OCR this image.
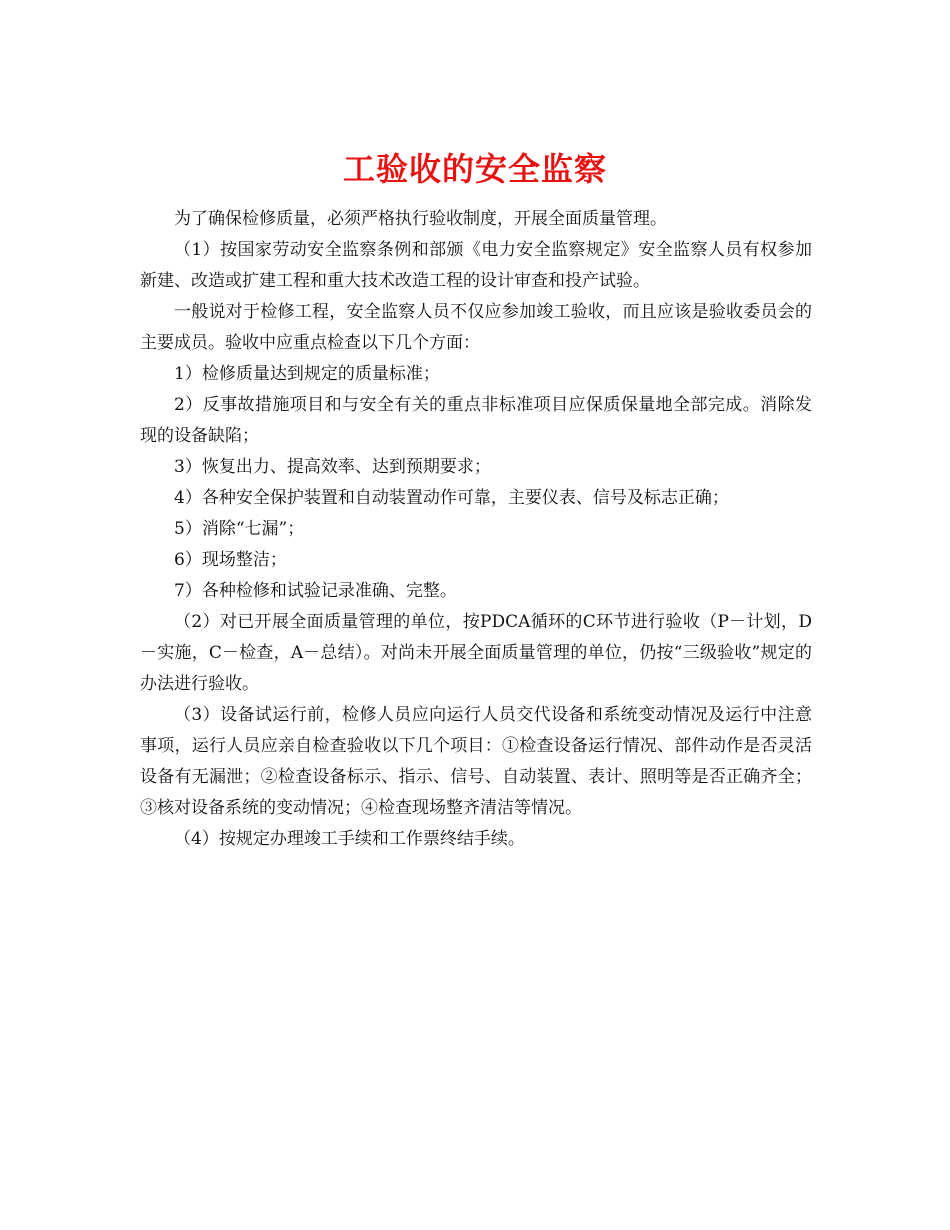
工验收的安全监察

为了确保检修质量，必须严格执行验收制度，开展全面质量管理。

（1）按国家劳动安全监察条例和部颁《电力安全监察规定》安全监察人员有权参加新建、改造或扩建工程和重大技术改造工程的设计审查和投产试验。

一般说对于检修工程，安全监察人员不仅应参加竣工验收，而且应该是验收委员会的主要成员。验收中应重点检查以下几个方面：

1）检修质量达到规定的质量标准；

2）反事故措施项目和与安全有关的重点非标准项目应保质保量地全部完成。消除发现的设备缺陷；

3）恢复出力、提高效率、达到预期要求；

4）各种安全保护装置和自动装置动作可靠，主要仪表、信号及标志正确；

5）消除“七漏”；

6）现场整洁；

7）各种检修和试验记录准确、完整。

（2）对已开展全面质量管理的单位，按PDCA循环的C环节进行验收（P－计划，D－实施，C－检查，A－总结）。对尚未开展全面质量管理的单位，仍按“三级验收”规定的办法进行验收。

（3）设备试运行前，检修人员应向运行人员交代设备和系统变动情况及运行中注意事项，运行人员应亲自检查验收以下几个项目：①检查设备运行情况、部件动作是否灵活设备有无漏泄；②检查设备标示、指示、信号、自动装置、表计、照明等是否正确齐全；③核对设备系统的变动情况；④检查现场整齐清洁等情况。

（4）按规定办理竣工手续和工作票终结手续。
